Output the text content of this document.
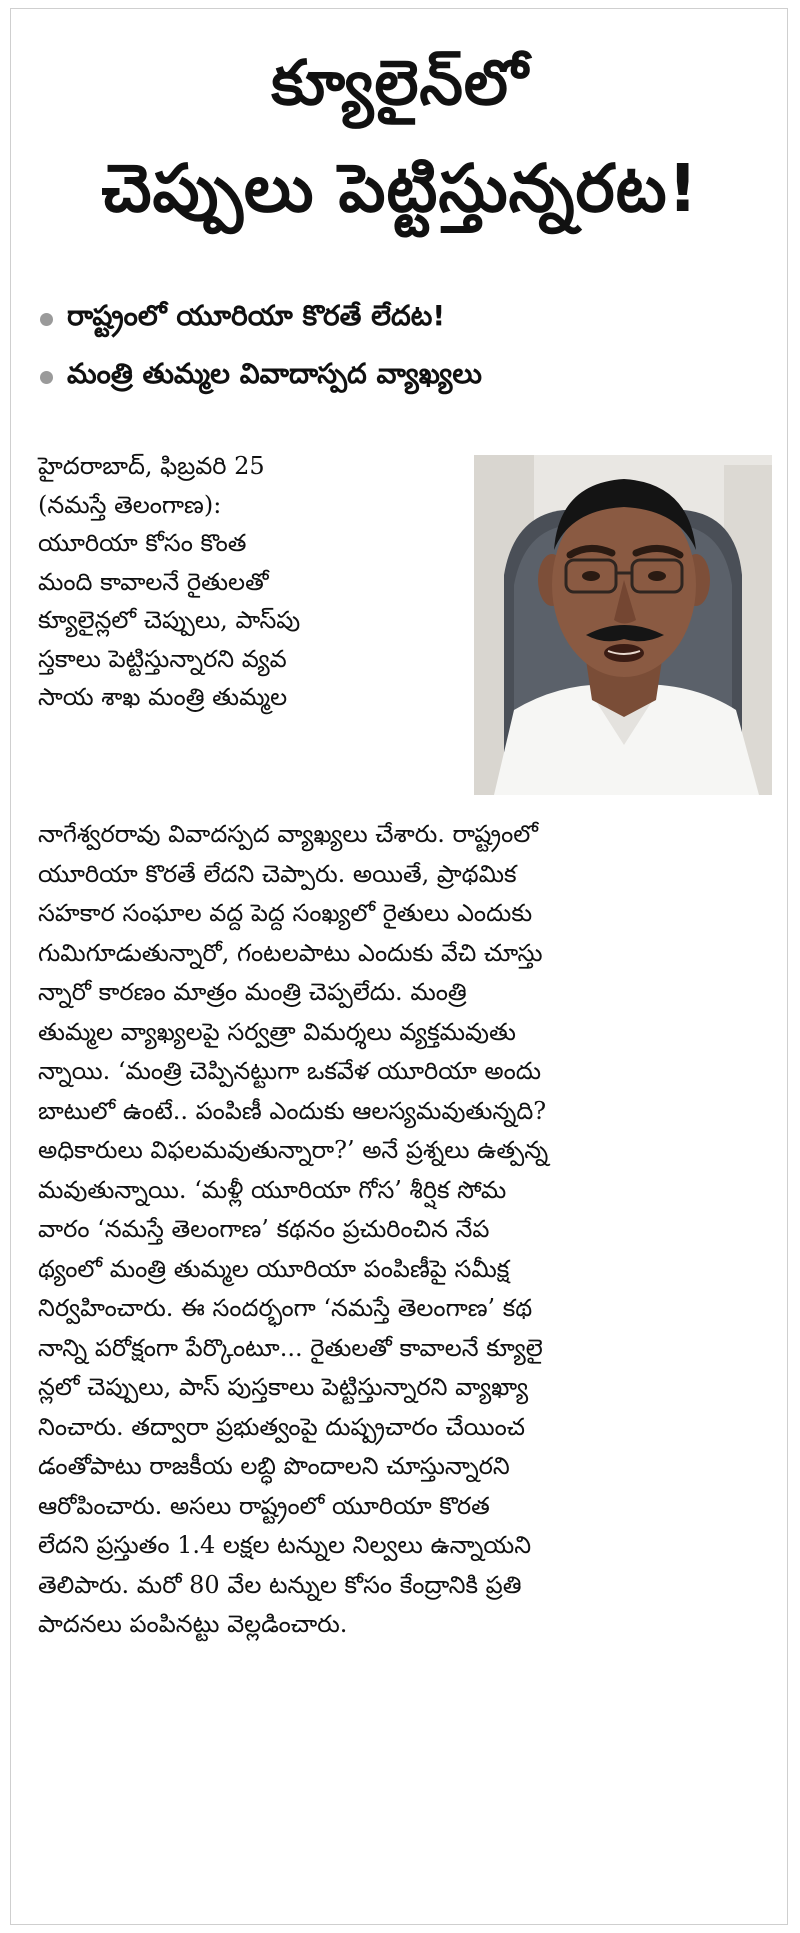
క్యూలైన్‌లో
చెప్పులు పెట్టిస్తున్నరట!
రాష్ట్రంలో యూరియా కొరతే లేదట!
మంత్రి తుమ్మల వివాదాస్పద వ్యాఖ్యలు
హైదరాబాద్, ఫిబ్రవరి 25
(నమస్తే తెలంగాణ):
యూరియా కోసం కొంత
మంది కావాలనే రైతులతో
క్యూలైన్లలో చెప్పులు, పాస్‌పు
స్తకాలు పెట్టిస్తున్నారని వ్యవ
సాయ శాఖ మంత్రి తుమ్మల
నాగేశ్వరరావు వివాదస్పద వ్యాఖ్యలు చేశారు. రాష్ట్రంలో
యూరియా కొరతే లేదని చెప్పారు. అయితే, ప్రాథమిక
సహకార సంఘాల వద్ద పెద్ద సంఖ్యలో రైతులు ఎందుకు
గుమిగూడుతున్నారో, గంటలపాటు ఎందుకు వేచి చూస్తు
న్నారో కారణం మాత్రం మంత్రి చెప్పలేదు. మంత్రి
తుమ్మల వ్యాఖ్యలపై సర్వత్రా విమర్శలు వ్యక్తమవుతు
న్నాయి. ‘మంత్రి చెప్పినట్టుగా ఒకవేళ యూరియా అందు
బాటులో ఉంటే.. పంపిణీ ఎందుకు ఆలస్యమవుతున్నది?
అధికారులు విఫలమవుతున్నారా?’ అనే ప్రశ్నలు ఉత్పన్న
మవుతున్నాయి. ‘మళ్లీ యూరియా గోస’ శీర్షిక సోమ
వారం ‘నమస్తే తెలంగాణ’ కథనం ప్రచురించిన నేప
థ్యంలో మంత్రి తుమ్మల యూరియా పంపిణీపై సమీక్ష
నిర్వహించారు. ఈ సందర్భంగా ‘నమస్తే తెలంగాణ’ కథ
నాన్ని పరోక్షంగా పేర్కొంటూ... రైతులతో కావాలనే క్యూలై
న్లలో చెప్పులు, పాస్ పుస్తకాలు పెట్టిస్తున్నారని వ్యాఖ్యా
నించారు. తద్వారా ప్రభుత్వంపై దుష్ప్రచారం చేయించ
డంతోపాటు రాజకీయ లబ్ధి పొందాలని చూస్తున్నారని
ఆరోపించారు. అసలు రాష్ట్రంలో యూరియా కొరత
లేదని ప్రస్తుతం 1.4 లక్షల టన్నుల నిల్వలు ఉన్నాయని
తెలిపారు. మరో 80 వేల టన్నుల కోసం కేంద్రానికి ప్రతి
పాదనలు పంపినట్టు వెల్లడించారు.
